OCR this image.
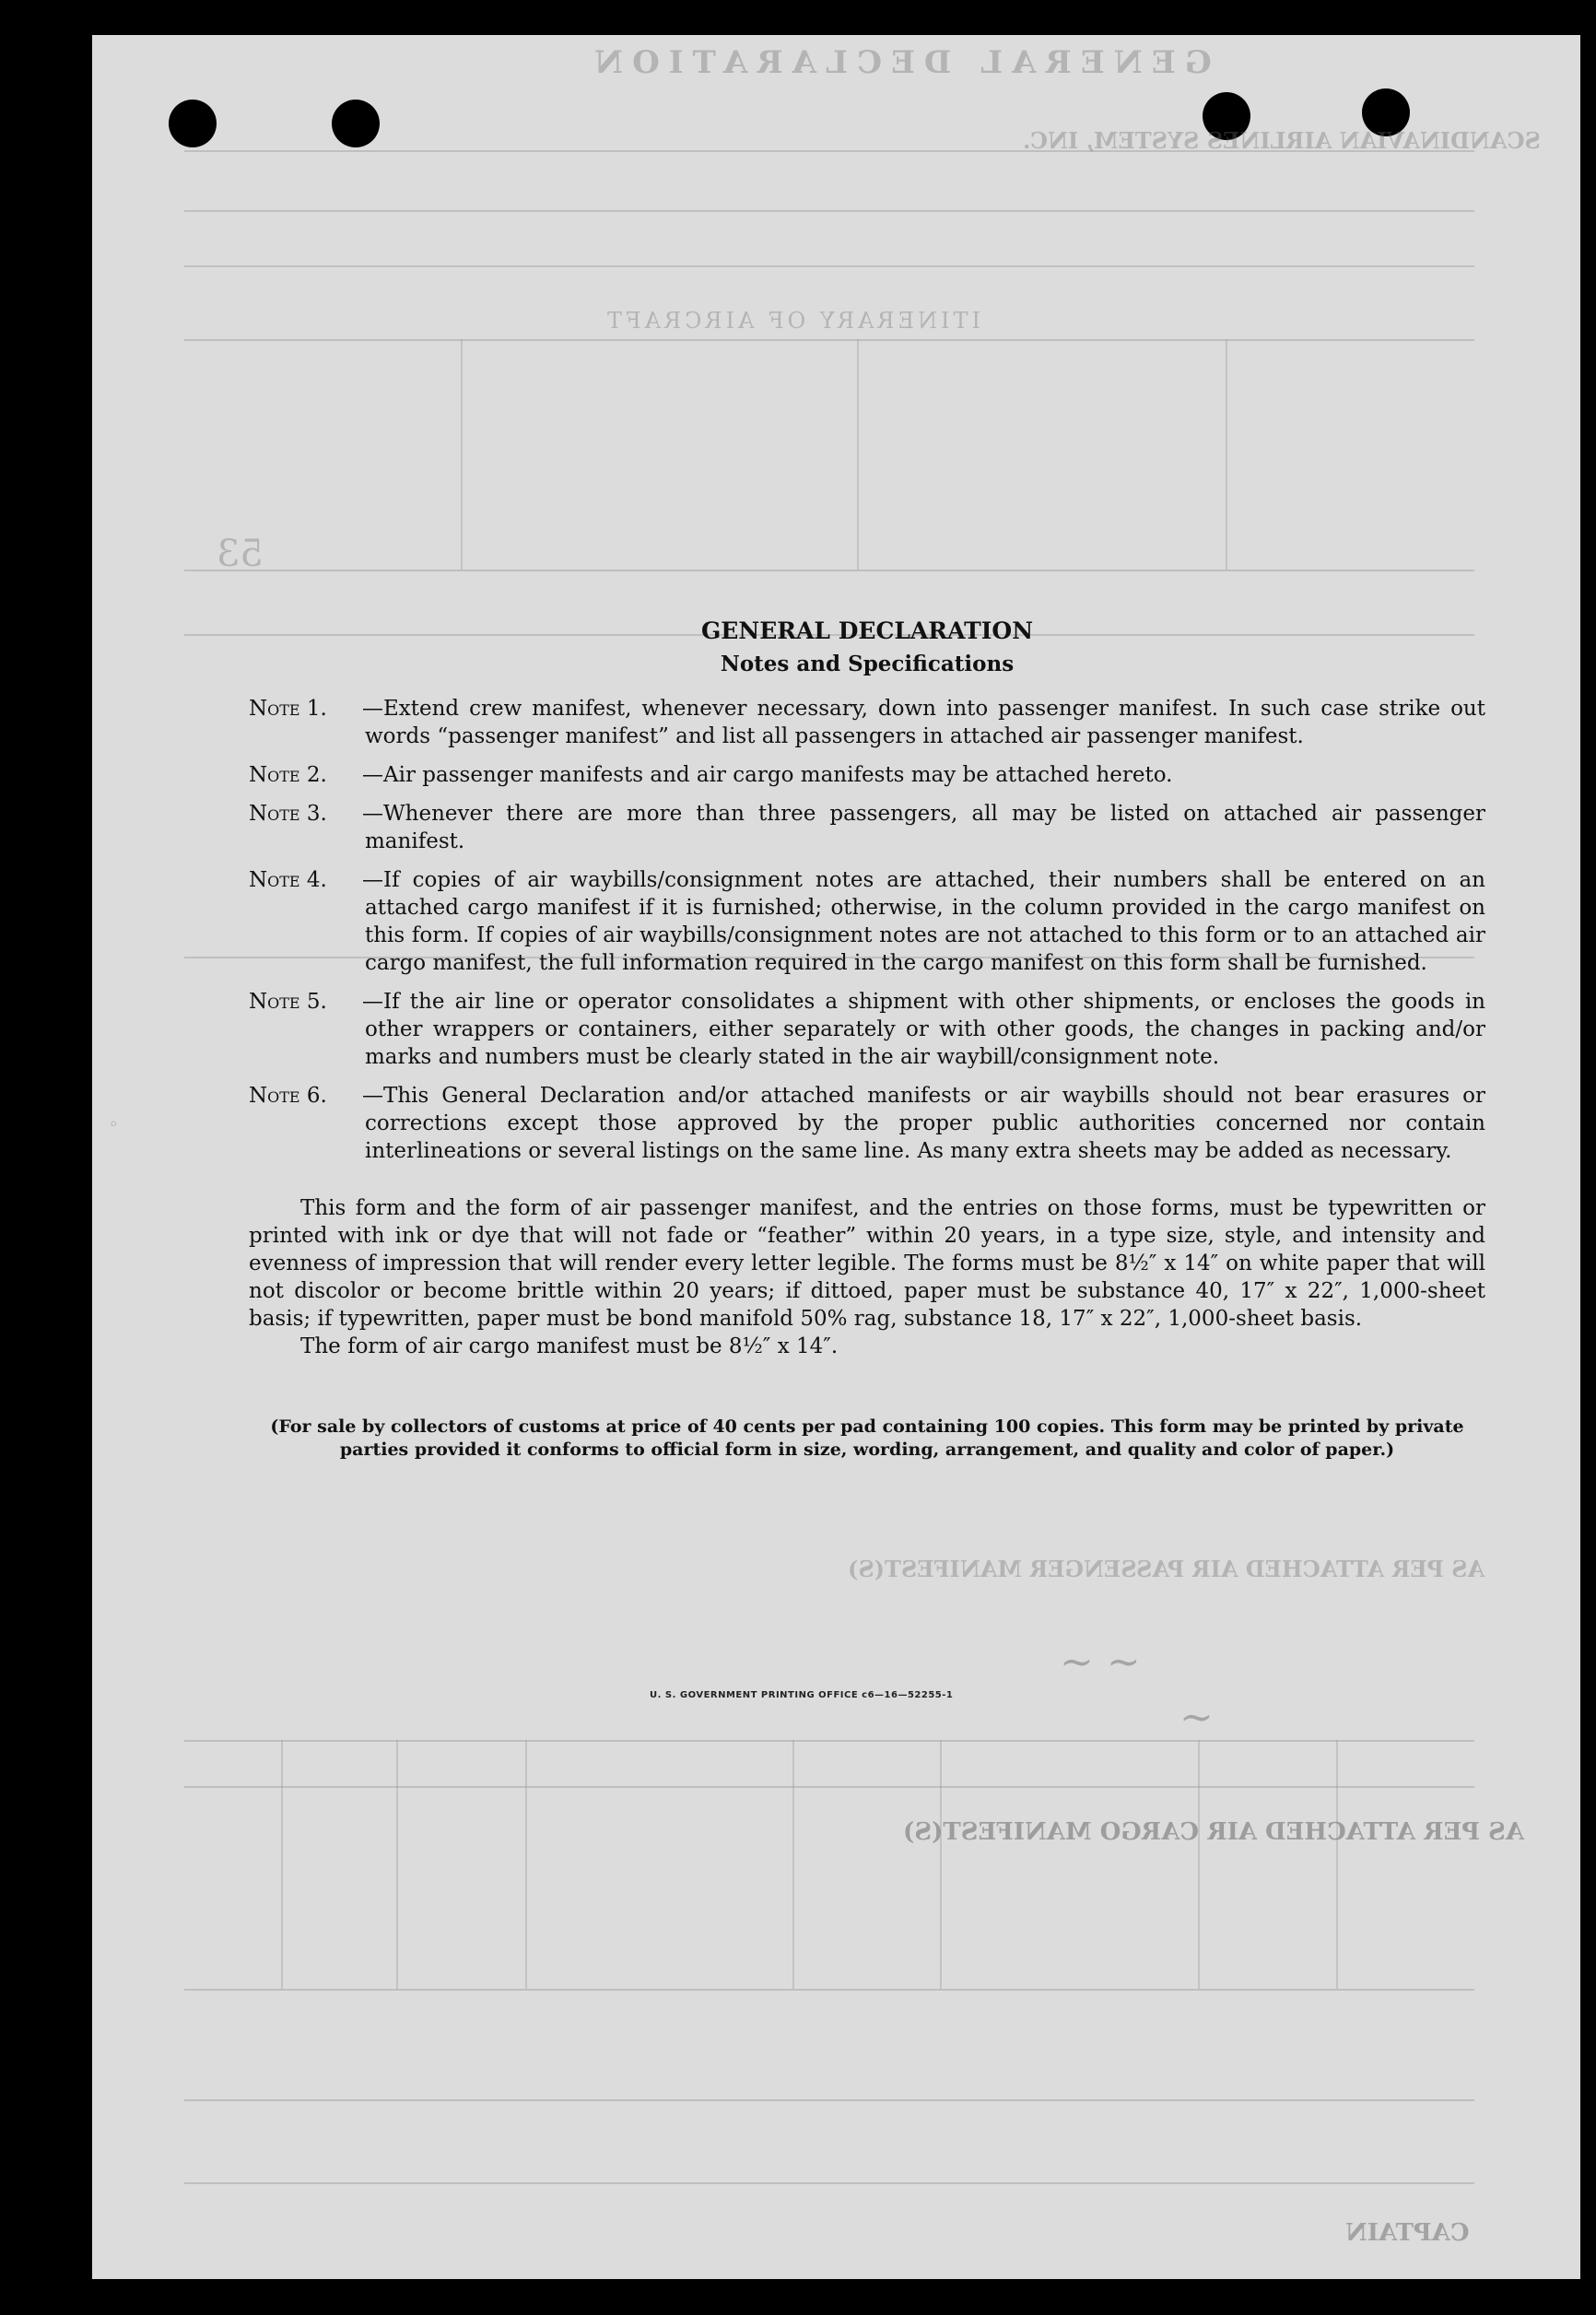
GENERAL DECLARATION
SCANDINAVIAN AIRLINES SYSTEM, INC.
ITINERARY OF AIRCRAFT
53
AS PER ATTACHED AIR PASSENGER MANIFEST(S)
AS PER ATTACHED AIR CARGO MANIFEST(S)
CAPTAIN
~ ~
~
◦

GENERAL DECLARATION

Notes and Specifications

Note 1.	—Extend crew manifest, whenever necessary, down into passenger manifest. In such case strike out words “passenger manifest” and list all passengers in attached air passenger manifest.
Note 2.	—Air passenger manifests and air cargo manifests may be attached hereto.
Note 3.	—Whenever there are more than three passengers, all may be listed on attached air passenger manifest.
Note 4.	—If copies of air waybills/consignment notes are attached, their numbers shall be entered on an attached cargo manifest if it is furnished; otherwise, in the column provided in the cargo manifest on this form. If copies of air waybills/consignment notes are not attached to this form or to an attached air cargo manifest, the full information required in the cargo manifest on this form shall be furnished.
Note 5.	—If the air line or operator consolidates a shipment with other shipments, or encloses the goods in other wrappers or containers, either separately or with other goods, the changes in packing and/or marks and numbers must be clearly stated in the air waybill/consignment note.
Note 6.	—This General Declaration and/or attached manifests or air waybills should not bear erasures or corrections except those approved by the proper public authorities concerned nor contain interlineations or several listings on the same line. As many extra sheets may be added as necessary.
This form and the form of air passenger manifest, and the entries on those forms, must be typewritten or printed with ink or dye that will not fade or “feather” within 20 years, in a type size, style, and intensity and evenness of impression that will render every letter legible. The forms must be 8½″ x 14″ on white paper that will not discolor or become brittle within 20 years; if dittoed, paper must be substance 40, 17″ x 22″, 1,000-sheet basis; if typewritten, paper must be bond manifold 50% rag, substance 18, 17″ x 22″, 1,000-sheet basis.
The form of air cargo manifest must be 8½″ x 14″.
(For sale by collectors of customs at price of 40 cents per pad containing 100 copies. This form may be printed by private parties provided it conforms to official form in size, wording, arrangement, and quality and color of paper.)
U. S. GOVERNMENT PRINTING OFFICE c6—16—52255-1
